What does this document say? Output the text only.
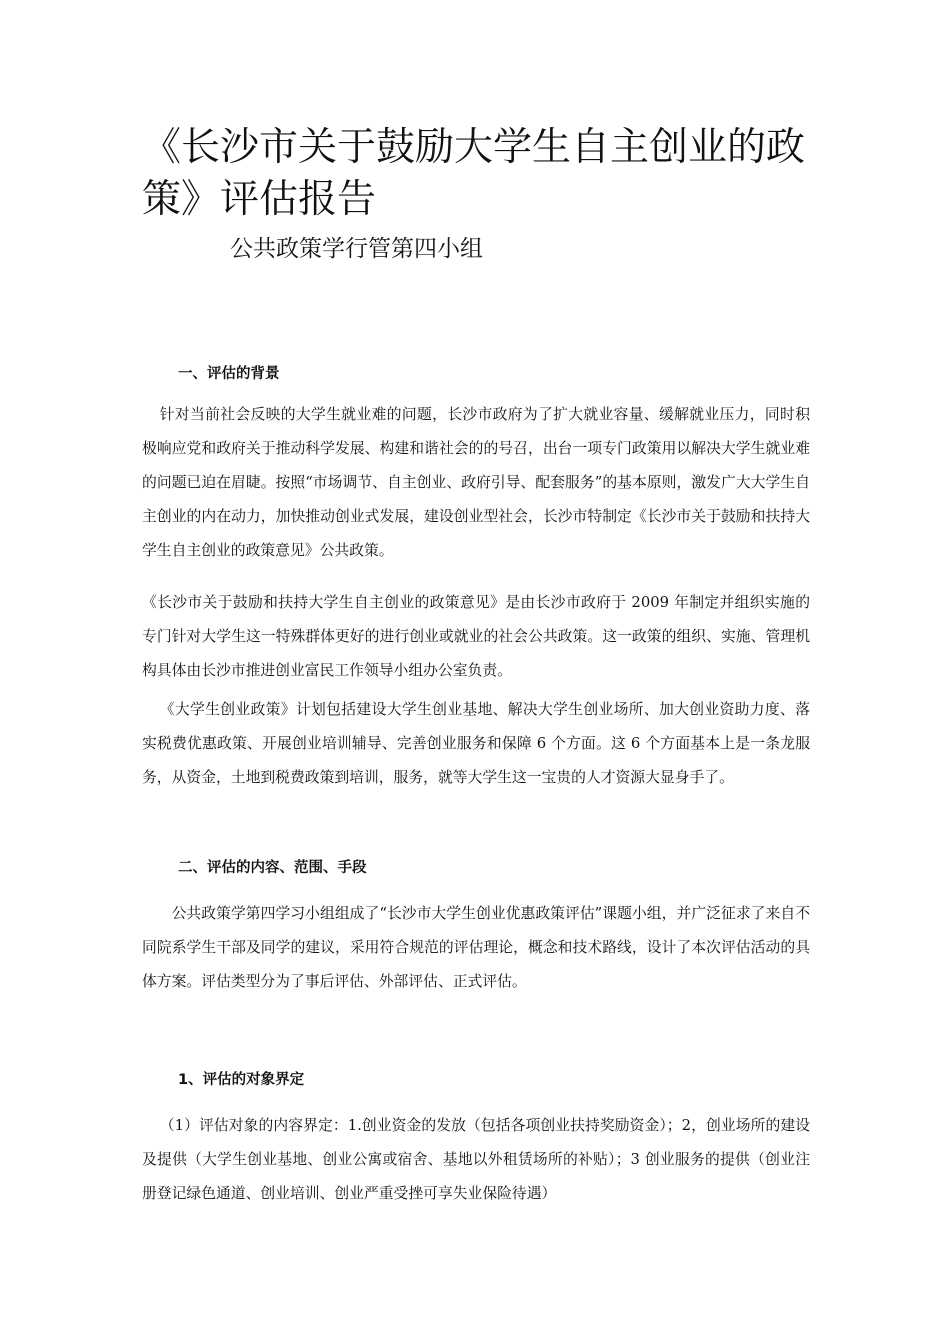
《长沙市关于鼓励大学生自主创业的政策》评估报告
公共政策学行管第四小组
一、评估的背景

针对当前社会反映的大学生就业难的问题，长沙市政府为了扩大就业容量、缓解就业压力，同时积极响应党和政府关于推动科学发展、构建和谐社会的的号召，出台一项专门政策用以解决大学生就业难的问题已迫在眉睫。按照“市场调节、自主创业、政府引导、配套服务”的基本原则，激发广大大学生自主创业的内在动力，加快推动创业式发展，建设创业型社会，长沙市特制定《长沙市关于鼓励和扶持大学生自主创业的政策意见》公共政策。

《长沙市关于鼓励和扶持大学生自主创业的政策意见》是由长沙市政府于 2009 年制定并组织实施的专门针对大学生这一特殊群体更好的进行创业或就业的社会公共政策。这一政策的组织、实施、管理机构具体由长沙市推进创业富民工作领导小组办公室负责。

《大学生创业政策》计划包括建设大学生创业基地、解决大学生创业场所、加大创业资助力度、落实税费优惠政策、开展创业培训辅导、完善创业服务和保障 6 个方面。这 6 个方面基本上是一条龙服务，从资金，土地到税费政策到培训，服务，就等大学生这一宝贵的人才资源大显身手了。

二、评估的内容、范围、手段

公共政策学第四学习小组组成了“长沙市大学生创业优惠政策评估”课题小组，并广泛征求了来自不同院系学生干部及同学的建议，采用符合规范的评估理论，概念和技术路线，设计了本次评估活动的具体方案。评估类型分为了事后评估、外部评估、正式评估。

1、评估的对象界定

（1）评估对象的内容界定：1.创业资金的发放（包括各项创业扶持奖励资金）；2，创业场所的建设及提供（大学生创业基地、创业公寓或宿舍、基地以外租赁场所的补贴）；3 创业服务的提供（创业注册登记绿色通道、创业培训、创业严重受挫可享失业保险待遇）
